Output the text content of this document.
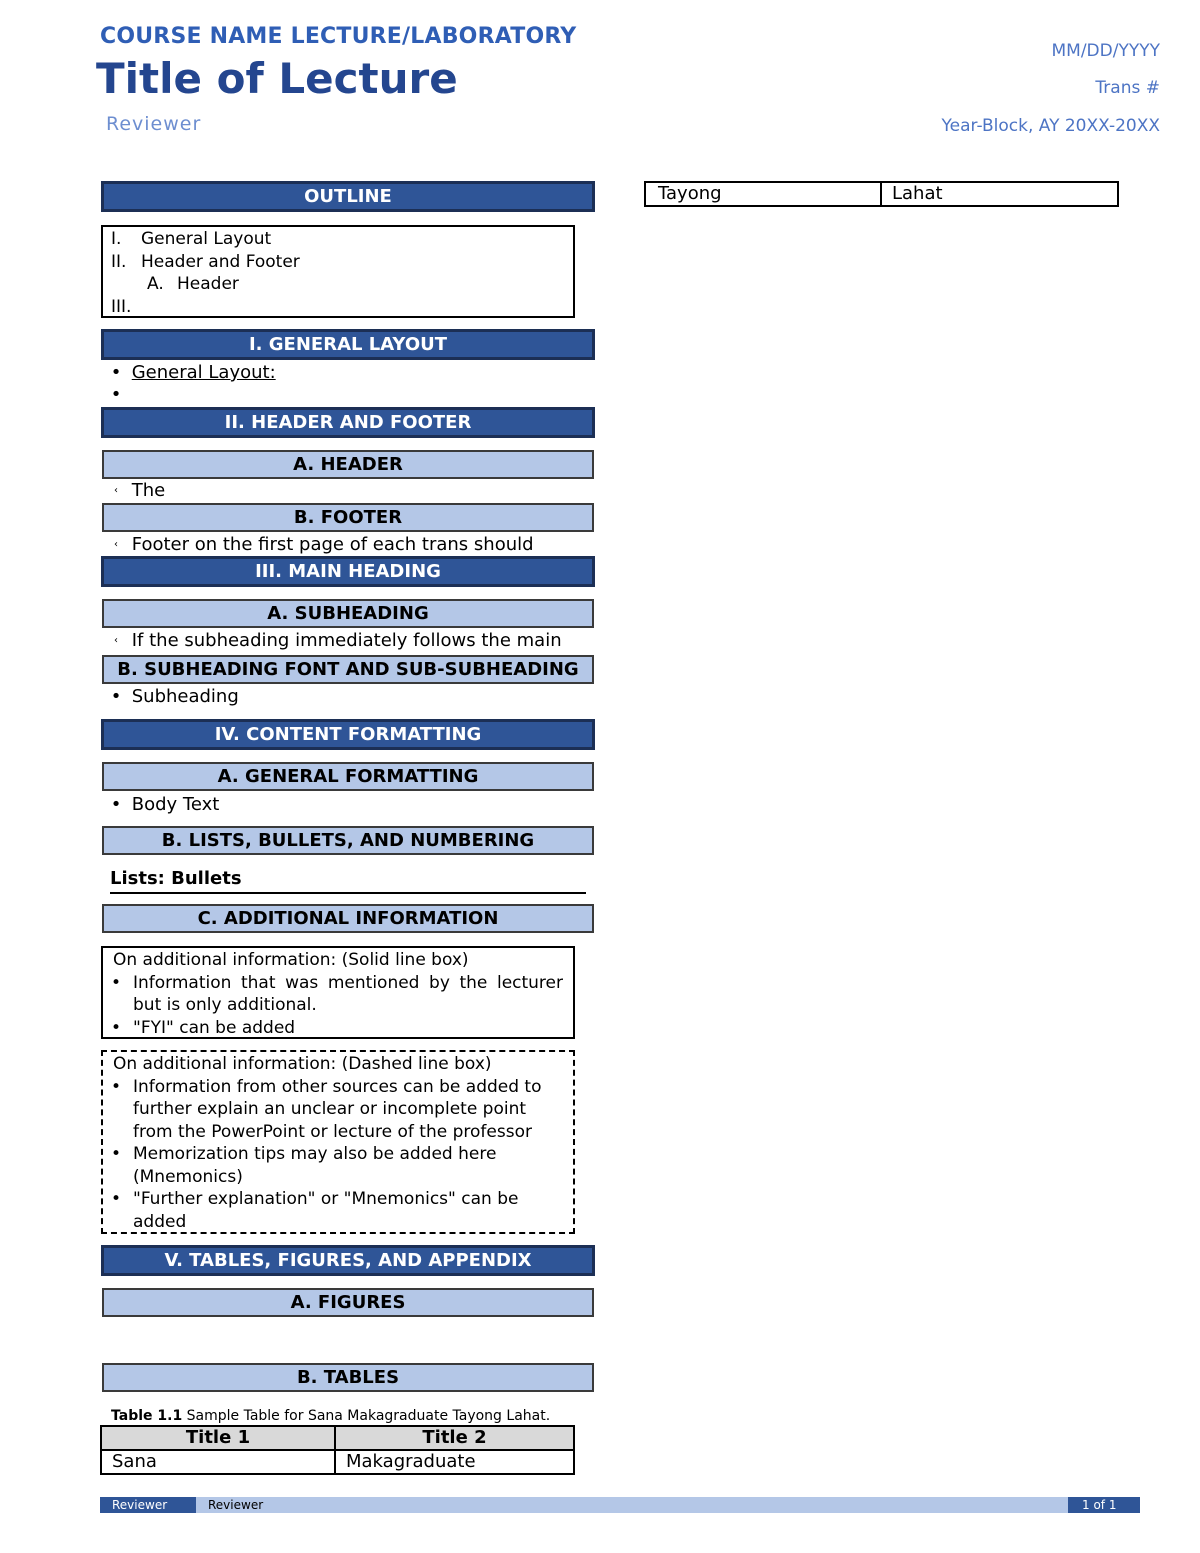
COURSE NAME LECTURE/LABORATORY
Title of Lecture
Reviewer
MM/DD/YYYY
Trans #
Year-Block, AY 20XX-20XX
Tayong	Lahat
OUTLINE
I.	General Layout
II. Header and Footer
A. Header
III.
I. GENERAL LAYOUT
• General Layout:
•
II. HEADER AND FOOTER
A. HEADER
‹ The
B. FOOTER
‹ Footer on the first page of each trans should
III. MAIN HEADING
A. SUBHEADING
‹ If the subheading immediately follows the main
B. SUBHEADING FONT AND SUB-SUBHEADING
• Subheading
IV. CONTENT FORMATTING
A. GENERAL FORMATTING
• Body Text
B. LISTS, BULLETS, AND NUMBERING
Lists: Bullets
C. ADDITIONAL INFORMATION
On additional information: (Solid line box)
• Information that was mentioned by the lecturer but is only additional.
• "FYI" can be added
On additional information: (Dashed line box)
• Information from other sources can be added to further explain an unclear or incomplete point from the PowerPoint or lecture of the professor
• Memorization tips may also be added here (Mnemonics)
• "Further explanation" or "Mnemonics" can be added
V. TABLES, FIGURES, AND APPENDIX
A. FIGURES
B. TABLES
Table 1.1 Sample Table for Sana Makagraduate Tayong Lahat.
Title 1	Title 2
Sana	Makagraduate
Reviewer	Reviewer	1 of 1
